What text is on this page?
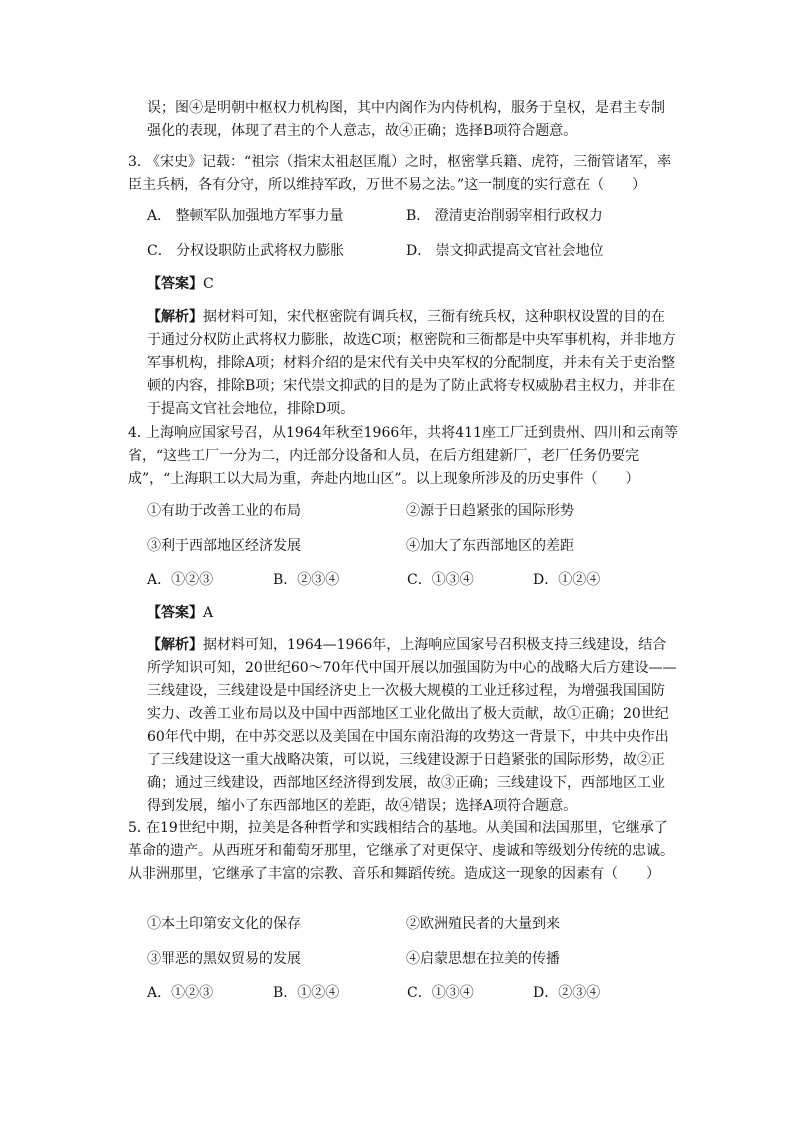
误；图④是明朝中枢权力机构图，其中内阁作为内侍机构，服务于皇权，是君主专制强化的表现，体现了君主的个人意志，故④正确；选择B项符合题意。

3．《宋史》记载：“祖宗（指宋太祖赵匡胤）之时，枢密掌兵籍、虎符，三衙管诸军，率臣主兵柄，各有分守，所以维持军政，万世不易之法。”这一制度的实行意在（　　）

A． 整顿军队加强地方军事力量	B． 澄清吏治削弱宰相行政权力
C． 分权设职防止武将权力膨胀	D． 崇文抑武提高文官社会地位
【答案】C

【解析】据材料可知，宋代枢密院有调兵权，三衙有统兵权，这种职权设置的目的在于通过分权防止武将权力膨胀，故选C项；枢密院和三衙都是中央军事机构，并非地方军事机构，排除A项；材料介绍的是宋代有关中央军权的分配制度，并未有关于吏治整顿的内容，排除B项；宋代崇文抑武的目的是为了防止武将专权威胁君主权力，并非在于提高文官社会地位，排除D项。

4．上海响应国家号召，从1964年秋至1966年，共将411座工厂迁到贵州、四川和云南等省，“这些工厂一分为二，内迁部分设备和人员，在后方组建新厂，老厂任务仍要完成”，“上海职工以大局为重，奔赴内地山区”。以上现象所涉及的历史事件（　　）

①有助于改善工业的布局	②源于日趋紧张的国际形势
③利于西部地区经济发展	④加大了东西部地区的差距
A．①②③	B．②③④	C．①③④	D．①②④
【答案】A

【解析】据材料可知，1964—1966年，上海响应国家号召积极支持三线建设，结合所学知识可知，20世纪60～70年代中国开展以加强国防为中心的战略大后方建设——三线建设，三线建设是中国经济史上一次极大规模的工业迁移过程，为增强我国国防实力、改善工业布局以及中国中西部地区工业化做出了极大贡献，故①正确；20世纪60年代中期，在中苏交恶以及美国在中国东南沿海的攻势这一背景下，中共中央作出了三线建设这一重大战略决策，可以说，三线建设源于日趋紧张的国际形势，故②正确；通过三线建设，西部地区经济得到发展，故③正确；三线建设下，西部地区工业得到发展，缩小了东西部地区的差距，故④错误；选择A项符合题意。

5．在19世纪中期，拉美是各种哲学和实践相结合的基地。从美国和法国那里，它继承了革命的遗产。从西班牙和葡萄牙那里，它继承了对更保守、虔诚和等级划分传统的忠诚。从非洲那里，它继承了丰富的宗教、音乐和舞蹈传统。造成这一现象的因素有（　　）

①本土印第安文化的保存	②欧洲殖民者的大量到来
③罪恶的黑奴贸易的发展	④启蒙思想在拉美的传播
A．①②③	B．①②④	C．①③④	D．②③④
